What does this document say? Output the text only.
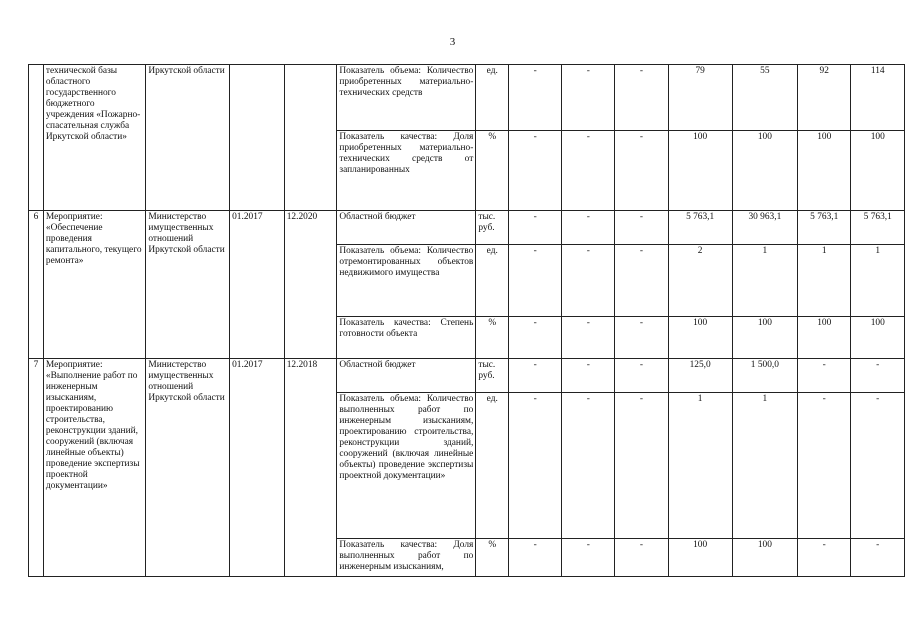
3
	технической базы областного государственного бюджетного учреждения «Пожарно-спасательная служба Иркутской области»	Иркутской области			Показатель объема: Количество приобретенных материально-технических средств	ед.	-	-	-	79	55	92	114
					Показатель качества: Доля приобретенных материально-технических средств от запланированных	%	-	-	-	100	100	100	100
6	Мероприятие: «Обеспечение проведения капитального, текущего ремонта»	Министерство имущественных отношений Иркутской области	01.2017	12.2020	Областной бюджет	тыс. руб.	-	-	-	5 763,1	30 963,1	5 763,1	5 763,1
					Показатель объема: Количество отремонтированных объектов недвижимого имущества	ед.	-	-	-	2	1	1	1
					Показатель качества: Степень готовности объекта	%	-	-	-	100	100	100	100
7	Мероприятие: «Выполнение работ по инженерным изысканиям, проектированию строительства, реконструкции зданий, сооружений (включая линейные объекты) проведение экспертизы проектной документации»	Министерство имущественных отношений Иркутской области	01.2017	12.2018	Областной бюджет	тыс. руб.	-	-	-	125,0	1 500,0	-	-
					Показатель объема: Количество выполненных работ по инженерным изысканиям, проектированию строительства, реконструкции зданий, сооружений (включая линейные объекты) проведение экспертизы проектной документации»	ед.	-	-	-	1	1	-	-
					Показатель качества: Доля выполненных работ по инженерным изысканиям,	%	-	-	-	100	100	-	-
